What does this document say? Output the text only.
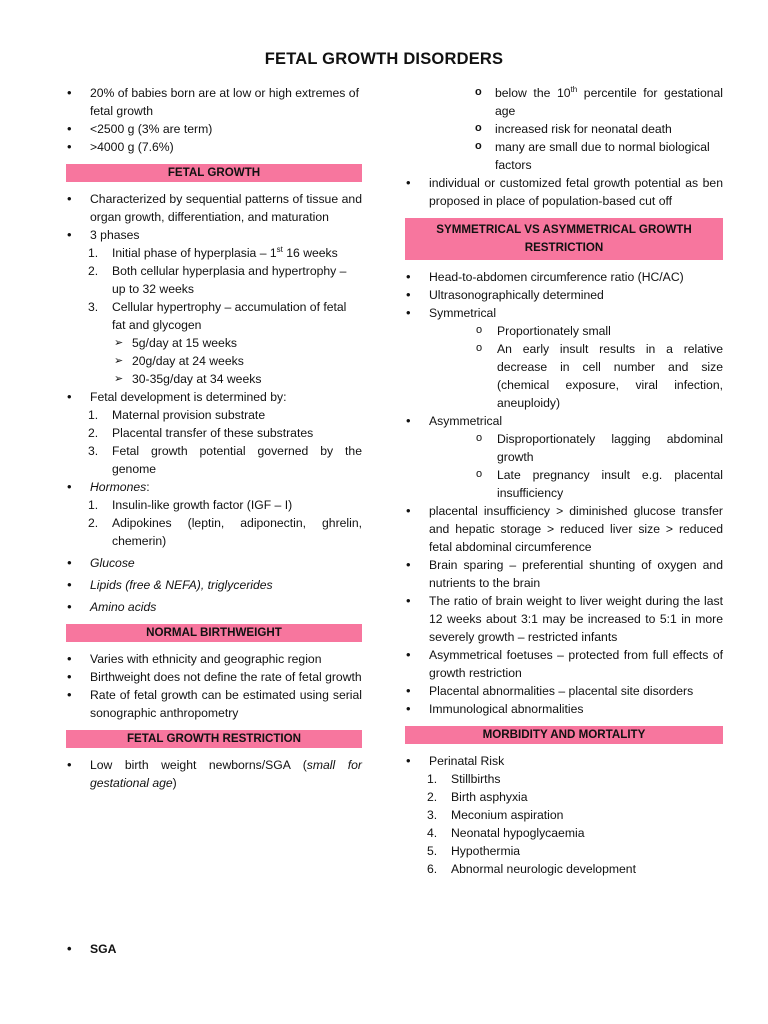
FETAL GROWTH DISORDERS
• 20% of babies born are at low or high extremes of fetal growth
• <2500 g (3% are term)
• >4000 g (7.6%)
FETAL GROWTH
• Characterized by sequential patterns of tissue and organ growth, differentiation, and maturation
• 3 phases
1. Initial phase of hyperplasia – 1st 16 weeks
2. Both cellular hyperplasia and hypertrophy – up to 32 weeks
3. Cellular hypertrophy – accumulation of fetal fat and glycogen
➢ 5g/day at 15 weeks
➢ 20g/day at 24 weeks
➢ 30-35g/day at 34 weeks
• Fetal development is determined by:
1. Maternal provision substrate
2. Placental transfer of these substrates
3. Fetal growth potential governed by the genome
• Hormones:
1. Insulin-like growth factor (IGF – I)
2. Adipokines (leptin, adiponectin, ghrelin, chemerin)
• Glucose
• Lipids (free & NEFA), triglycerides
• Amino acids
NORMAL BIRTHWEIGHT
• Varies with ethnicity and geographic region
• Birthweight does not define the rate of fetal growth
• Rate of fetal growth can be estimated using serial sonographic anthropometry
FETAL GROWTH RESTRICTION
• Low birth weight newborns/SGA (small for gestational age)
• SGA
o below the 10th percentile for gestational age
o increased risk for neonatal death
o many are small due to normal biological factors
• individual or customized fetal growth potential as ben proposed in place of population-based cut off
SYMMETRICAL VS ASYMMETRICAL GROWTH RESTRICTION
• Head-to-abdomen circumference ratio (HC/AC)
• Ultrasonographically determined
• Symmetrical
o Proportionately small
o An early insult results in a relative decrease in cell number and size (chemical exposure, viral infection, aneuploidy)
• Asymmetrical
o Disproportionately lagging abdominal growth
o Late pregnancy insult e.g. placental insufficiency
• placental insufficiency > diminished glucose transfer and hepatic storage > reduced liver size > reduced fetal abdominal circumference
• Brain sparing – preferential shunting of oxygen and nutrients to the brain
• The ratio of brain weight to liver weight during the last 12 weeks about 3:1 may be increased to 5:1 in more severely growth – restricted infants
• Asymmetrical foetuses – protected from full effects of growth restriction
• Placental abnormalities – placental site disorders
• Immunological abnormalities
MORBIDITY AND MORTALITY
• Perinatal Risk
1. Stillbirths
2. Birth asphyxia
3. Meconium aspiration
4. Neonatal hypoglycaemia
5. Hypothermia
6. Abnormal neurologic development
